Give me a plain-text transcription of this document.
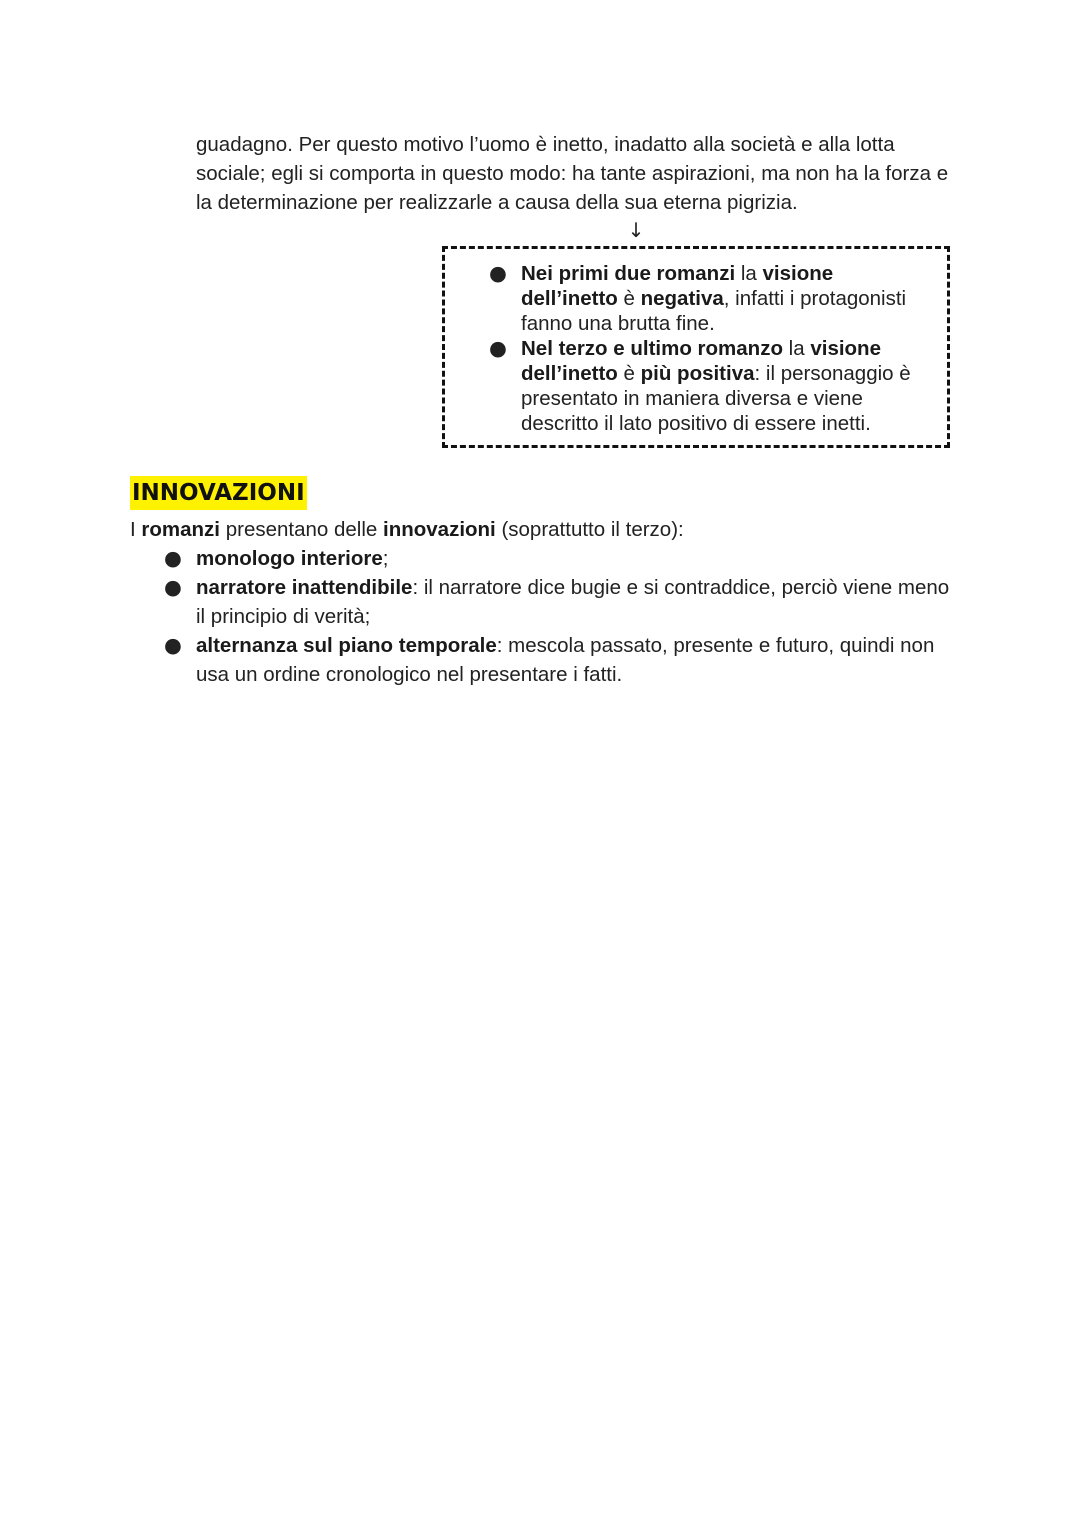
guadagno. Per questo motivo l’uomo è inetto, inadatto alla società e alla lotta sociale; egli si comporta in questo modo: ha tante aspirazioni, ma non ha la forza e la determinazione per realizzarle a causa della sua eterna pigrizia.

↓
● Nei primi due romanzi la visione dell’inetto è negativa, infatti i protagonisti fanno una brutta fine.
● Nel terzo e ultimo romanzo la visione dell’inetto è più positiva: il personaggio è presentato in maniera diversa e viene descritto il lato positivo di essere inetti.
INNOVAZIONI

I romanzi presentano delle innovazioni (soprattutto il terzo):

● monologo interiore;
● narratore inattendibile: il narratore dice bugie e si contraddice, perciò viene meno il principio di verità;
● alternanza sul piano temporale: mescola passato, presente e futuro, quindi non usa un ordine cronologico nel presentare i fatti.
